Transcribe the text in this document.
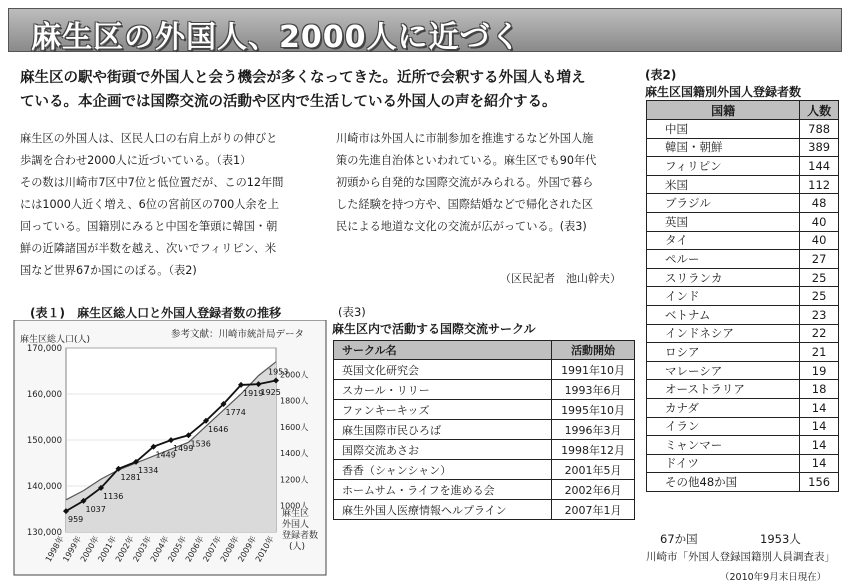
麻生区の外国人、2000人に近づく
麻生区の駅や街頭で外国人と会う機会が多くなってきた。近所で会釈する外国人も増え
ている。本企画では国際交流の活動や区内で生活している外国人の声を紹介する。
麻生区の外国人は、区民人口の右肩上がりの伸びと
歩調を合わせ2000人に近づいている。（表1）
その数は川崎市7区中7位と低位置だが、この12年間
には1000人近く増え、6位の宮前区の700人余を上
回っている。国籍別にみると中国を筆頭に韓国・朝
鮮の近隣諸国が半数を越え、次いでフィリピン、米
国など世界67か国にのぼる。（表2)
川崎市は外国人に市制参加を推進するなど外国人施
策の先進自治体といわれている。麻生区でも90年代
初頭から自発的な国際交流がみられる。外国で暮ら
した経験を持つ方や、国際結婚などで帰化された区
民による地道な文化の交流が広がっている。(表3)
（区民記者　池山幹夫）
(表2)
麻生区国籍別外国人登録者数
国籍	人数
中国	788
韓国・朝鮮	389
フィリピン	144
米国	112
ブラジル	48
英国	40
タイ	40
ペルー	27
スリランカ	25
インド	25
ベトナム	23
インドネシア	22
ロシア	21
マレーシア	19
オーストラリア	18
カナダ	14
イラン	14
ミャンマー	14
ドイツ	14
その他48か国	156
67か国	1953人
川崎市「外国人登録国籍別人員調査表」
（2010年9月末日現在）
(表3)
麻生区内で活動する国際交流サークル
サークル名	活動開始
英国文化研究会	1991年10月
スカール・リリー	1993年6月
ファンキーキッズ	1995年10月
麻生国際市民ひろば	1996年3月
国際交流あさお	1998年12月
香香（シャンシャン）	2001年5月
ホームサム・ライフを進める会	2002年6月
麻生外国人医療情報ヘルプライン	2007年1月
(表１) 麻生区総人口と外国人登録者数の推移
参考文献：川崎市統計局データ
麻生区総人口(人)
130,000
140,000
150,000
160,000
170,000
1000人
1200人
1400人
1600人
1800人
2000人
1998年
1999年
2000年
2001年
2002年
2003年
2004年
2005年
2006年
2007年
2008年
2009年
2010年
959
1037
1136
1281
1334
1449
1499
1536
1646
1774
1919
1925
1953
麻生区
外国人
登録者数
(人)
